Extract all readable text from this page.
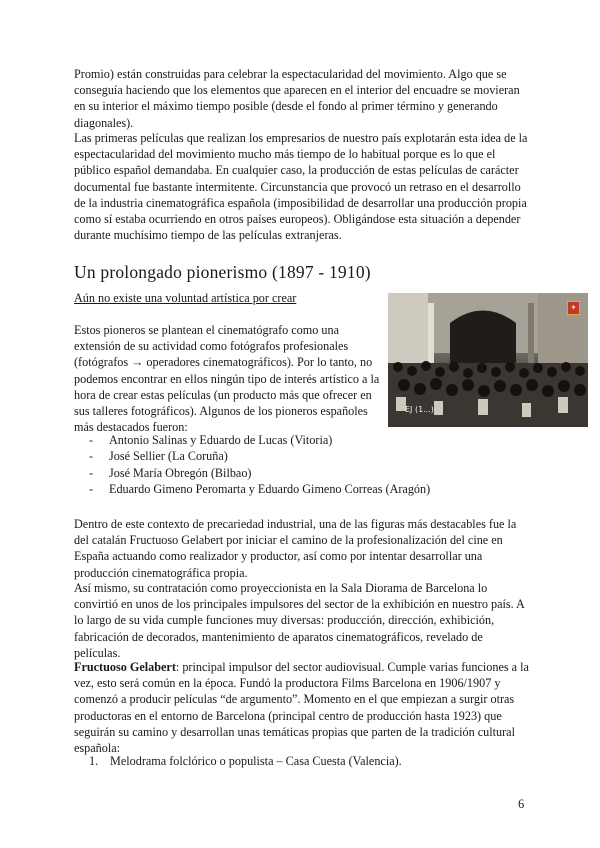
Promio) están construidas para celebrar la espectacularidad del movimiento. Algo que se conseguía haciendo que los elementos que aparecen en el interior del encuadre se movieran en su interior el máximo tiempo posible (desde el fondo al primer término y generando diagonales).

Las primeras películas que realizan los empresarios de nuestro país explotarán esta idea de la espectacularidad del movimiento mucho más tiempo de lo habitual porque es lo que el público español demandaba. En cualquier caso, la producción de estas películas de carácter documental fue bastante intermitente. Circunstancia que provocó un retraso en el desarrollo de la industria cinematográfica española (imposibilidad de desarrollar una producción propia como sí estaba ocurriendo en otros países europeos). Obligándose esta situación a depender durante muchísimo tiempo de las películas extranjeras.

Un prolongado pionerismo (1897 - 1910)
Aún no existe una voluntad artística por crear

Estos pioneros se plantean el cinematógrafo como una extensión de su actividad como fotógrafos profesionales (fotógrafos → operadores cinematográficos). Por lo tanto, no podemos encontrar en ellos ningún tipo de interés artístico a la hora de crear estas películas (un producto más que ofrecer en sus talleres fotográficos). Algunos de los pioneros españoles más destacados fueron:

EJ (1...)
✦
- Antonio Salinas y Eduardo de Lucas (Vitoria)
- José Sellier (La Coruña)
- José María Obregón (Bilbao)
- Eduardo Gimeno Peromarta y Eduardo Gimeno Correas (Aragón)

Dentro de este contexto de precariedad industrial, una de las figuras más destacables fue la del catalán Fructuoso Gelabert por iniciar el camino de la profesionalización del cine en España actuando como realizador y productor, así como por intentar desarrollar una producción cinematográfica propia.

Así mismo, su contratación como proyeccionista en la Sala Diorama de Barcelona lo convirtió en unos de los principales impulsores del sector de la exhibición en nuestro país. A lo largo de su vida cumple funciones muy diversas: producción, dirección, exhibición, fabricación de decorados, mantenimiento de aparatos cinematográficos, revelado de películas.

Fructuoso Gelabert: principal impulsor del sector audiovisual. Cumple varias funciones a la vez, esto será común en la época. Fundó la productora Films Barcelona en 1906/1907 y comenzó a producir películas “de argumento”. Momento en el que empiezan a surgir otras productoras en el entorno de Barcelona (principal centro de producción hasta 1923) que seguirán su camino y desarrollan unas temáticas propias que parten de la tradición cultural española:

1. Melodrama folclórico o populista – Casa Cuesta (Valencia).
6
